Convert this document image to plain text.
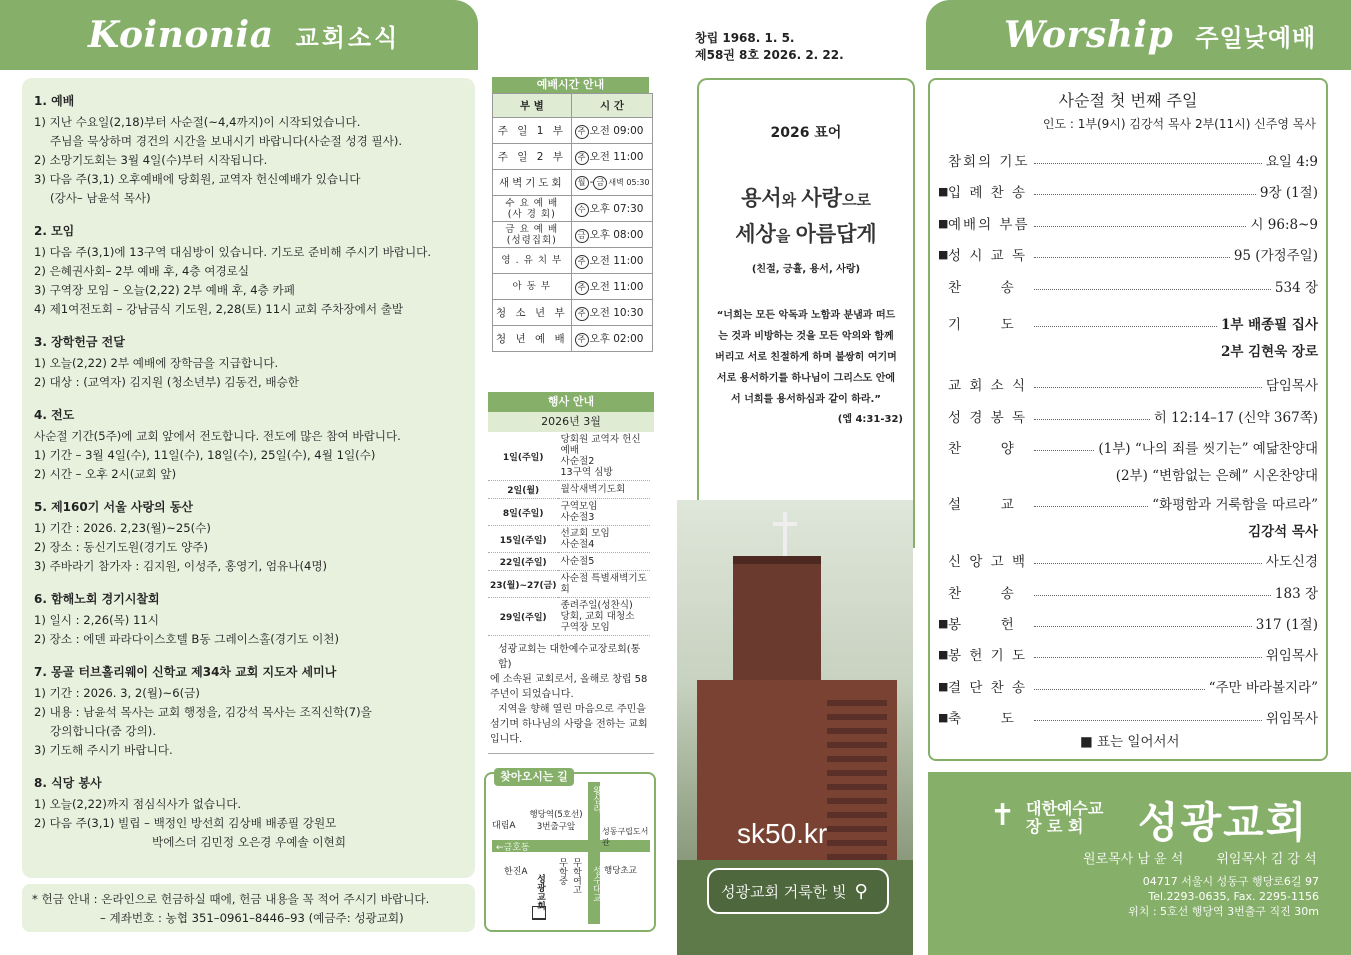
Koinonia 교회소식
1. 예배
1) 지난 수요일(2,18)부터 사순절(~4,4까지)이 시작되었습니다.
주님을 묵상하며 경건의 시간을 보내시기 바랍니다(사순절 성경 필사).
2) 소망기도회는 3월 4일(수)부터 시작됩니다.
3) 다음 주(3,1) 오후예배에 당회원, 교역자 헌신예배가 있습니다
(강사– 남윤석 목사)
2. 모임
1) 다음 주(3,1)에 13구역 대심방이 있습니다. 기도로 준비해 주시기 바랍니다.
2) 은혜권사회– 2부 예배 후, 4층 여경로실
3) 구역장 모임 – 오늘(2,22) 2부 예배 후, 4층 카페
4) 제1여전도회 – 강남금식 기도원, 2,28(토) 11시 교회 주차장에서 출발
3. 장학헌금 전달
1) 오늘(2,22) 2부 예배에 장학금을 지급합니다.
2) 대상 : (교역자) 김지원 (청소년부) 김동건, 배승한
4. 전도
사순절 기간(5주)에 교회 앞에서 전도합니다. 전도에 많은 참여 바랍니다.
1) 기간 – 3월 4일(수), 11일(수), 18일(수), 25일(수), 4월 1일(수)
2) 시간 – 오후 2시(교회 앞)
5. 제160기 서울 사랑의 동산
1) 기간 : 2026. 2,23(월)~25(수)
2) 장소 : 동신기도원(경기도 양주)
3) 주바라기 참가자 : 김지원, 이성주, 홍영기, 엄유나(4명)
6. 함해노회 경기시찰회
1) 일시 : 2,26(목) 11시
2) 장소 : 에덴 파라다이스호텔 B동 그레이스홀(경기도 이천)
7. 몽골 터브홀리웨이 신학교 제34차 교회 지도자 세미나
1) 기간 : 2026. 3, 2(월)~6(금)
2) 내용 : 남윤석 목사는 교회 행정을, 김강석 목사는 조직신학(7)을
강의합니다(줌 강의).
3) 기도해 주시기 바랍니다.
8. 식당 봉사
1) 오늘(2,22)까지 점심식사가 없습니다.
2) 다음 주(3,1) 빌립 – 백정인 방선희 김상배 배종필 강원모
박에스더 김민정 오은경 우예솔 이현희
* 헌금 안내 : 온라인으로 헌금하실 때에, 헌금 내용을 꼭 적어 주시기 바랍니다.
– 계좌번호 : 농협 351–0961–8446–93 (예금주: 성광교회)
예배시간 안내
부 별	시 간
주 일 1 부	주 오전 09:00
주 일 2 부	주 오전 11:00
새벽기도회	월 - 금 새벽 05:30
수 요 예 배 (사 경 회)	수 오후 07:30
금 요 예 배 (성령집회)	금 오후 08:00
영 . 유 치 부	주 오전 11:00
아 동 부	주 오전 11:00
청 소 년 부	주 오전 10:30
청 년 예 배	주 오후 02:00
행사 안내
2026년 3월
1일(주일)	당회원 교역자 헌신예배
사순절2
13구역 심방

2일(월)	월삭새벽기도회

8일(주일)	구역모임
사순절3

15일(주일)	선교회 모임
사순절4

22일(주일)	사순절5

23(월)~27(금)	사순절 특별새벽기도회

29일(주일)	종려주일(성찬식)
당회, 교회 대청소
구역장 모임
성광교회는 대한예수교장로회(통합)
에 소속된 교회로서, 올해로 창립 58
주년이 되었습니다.
지역을 향해 열린 마음으로 주민을
섬기며 하나님의 사랑을 전하는 교회
입니다.
찾아오시는 길
대림A
행당역(5호선) 3번출구앞
왕십리
성동구립도서관
←금호동
한진A
성광교회
무학중 무학여고	행당초교
성수대교
창립 1968. 1. 5.
제58권 8호 2026. 2. 22.
2026 표어
용서와 사랑으로
세상을 아름답게
(친절, 긍휼, 용서, 사랑)
“너희는 모든 악독과 노함과 분냄과 떠드는 것과 비방하는 것을 모든 악의와 함께 버리고 서로 친절하게 하며 불쌍히 여기며 서로 용서하기를 하나님이 그리스도 안에서 너희를 용서하심과 같이 하라.”
(엡 4:31-32)
sk50.kr
성광교회 거룩한 빛 ⚲
Worship 주일낮예배
사순절 첫 번째 주일
인도 : 1부(9시) 김강석 목사 2부(11시) 신주영 목사
참회의 기도	요일 4:9
■ 입 례 찬 송	9장 (1절)
■ 예배의 부름	시 96:8~9
■ 성 시 교 독	95 (가정주일)
찬      송	534 장
기      도	1부 배종필 집사
2부 김현욱 장로
교 회 소 식	담임목사
성 경 봉 독	히 12:14–17 (신약 367쪽)
찬      양	(1부) “나의 죄를 씻기는” 예닮찬양대
(2부) “변함없는 은혜” 시온찬양대
설      교	“화평함과 거룩함을 따르라”
김강석 목사
신 앙 고 백	사도신경
찬      송	183 장
■ 봉      헌	317 (1절)
■ 봉 헌 기 도	위임목사
■ 결 단 찬 송	“주만 바라볼지라”
■ 축      도	위임목사
■ 표는 일어서서
✝ 대한예수교
장 로 회	성광교회
원로목사 남 윤 석        위임목사 김 강 석
04717 서울시 성동구 행당로6길 97
Tel.2293-0635, Fax. 2295-1156
위치 : 5호선 행당역 3번출구 직진 30m
